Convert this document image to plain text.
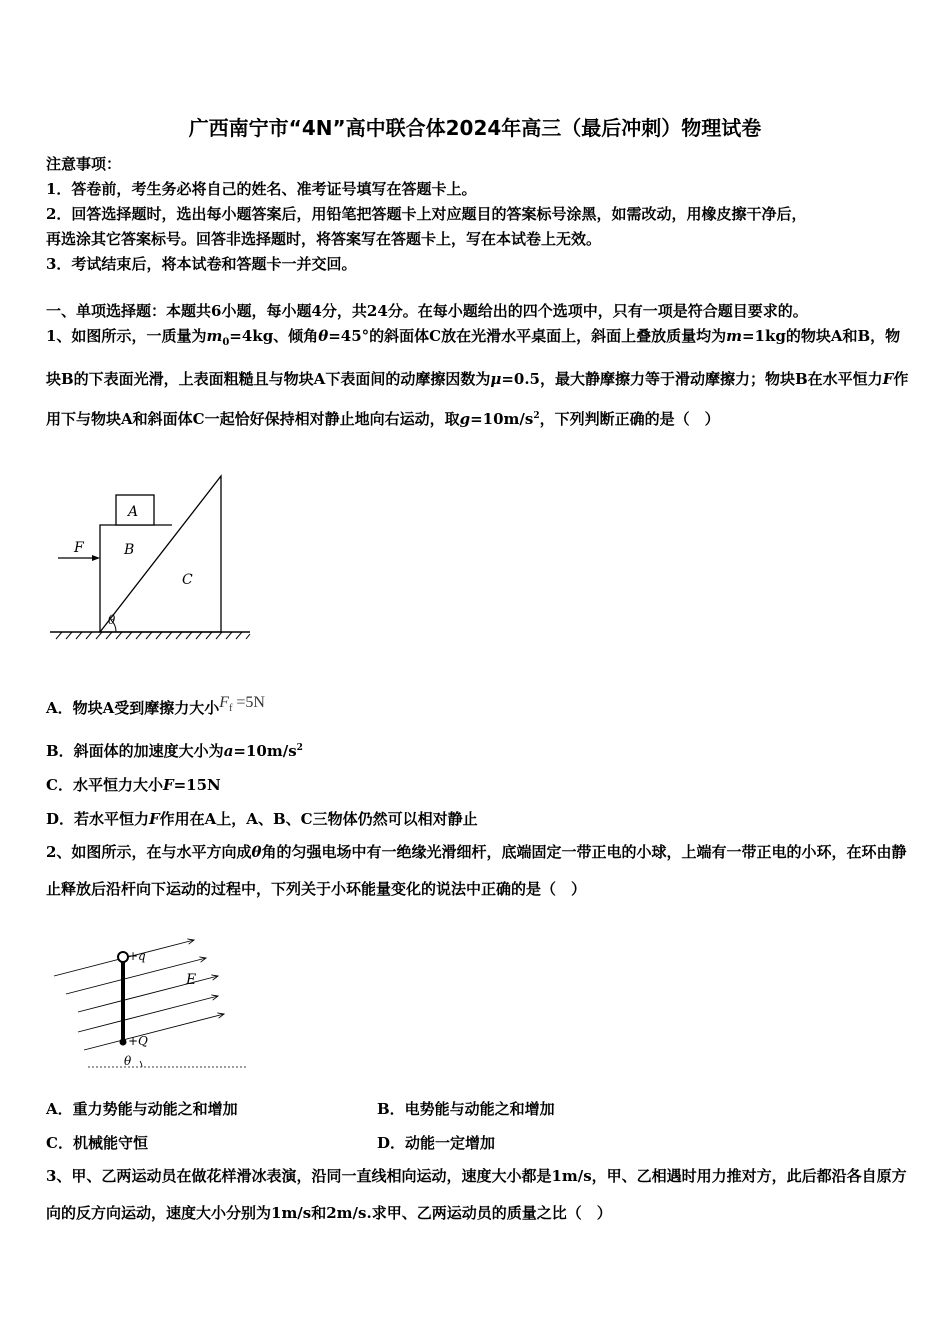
广西南宁市“4N”高中联合体2024年高三（最后冲刺）物理试卷
注意事项：
1．答卷前，考生务必将自己的姓名、准考证号填写在答题卡上。
2．回答选择题时，选出每小题答案后，用铅笔把答题卡上对应题目的答案标号涂黑，如需改动，用橡皮擦干净后，
再选涂其它答案标号。回答非选择题时，将答案写在答题卡上，写在本试卷上无效。
3．考试结束后，将本试卷和答题卡一并交回。
一、单项选择题：本题共6小题，每小题4分，共24分。在每小题给出的四个选项中，只有一项是符合题目要求的。
1、如图所示，一质量为$m_0=4kg$、倾角θ=45°的斜面体C放在光滑水平桌面上，斜面上叠放质量均为m=1kg的物块A和B，物块B的下表面光滑，上表面粗糙且与物块A下表面间的动摩擦因数为μ=0.5，最大静摩擦力等于滑动摩擦力；物块B在水平恒力F作用下与物块A和斜面体C一起恰好保持相对静止地向右运动，取$g=10m/s^2$，下列判断正确的是（　）
A
B
C
F
θ
A．物块A受到摩擦力大小$F_f =5N$
B．斜面体的加速度大小为$a=10m/s^2$
C．水平恒力大小F=15N
D．若水平恒力F作用在A上，A、B、C三物体仍然可以相对静止
2、如图所示，在与水平方向成θ角的匀强电场中有一绝缘光滑细杆，底端固定一带正电的小球，上端有一带正电的小环，在环由静止释放后沿杆向下运动的过程中，下列关于小环能量变化的说法中正确的是（　）
+q
+Q
E
θ
A．重力势能与动能之和增加	B．电势能与动能之和增加
C．机械能守恒	D．动能一定增加
3、甲、乙两运动员在做花样滑冰表演，沿同一直线相向运动，速度大小都是1m/s，甲、乙相遇时用力推对方，此后都沿各自原方向的反方向运动，速度大小分别为1m/s和2m/s.求甲、乙两运动员的质量之比（　）
